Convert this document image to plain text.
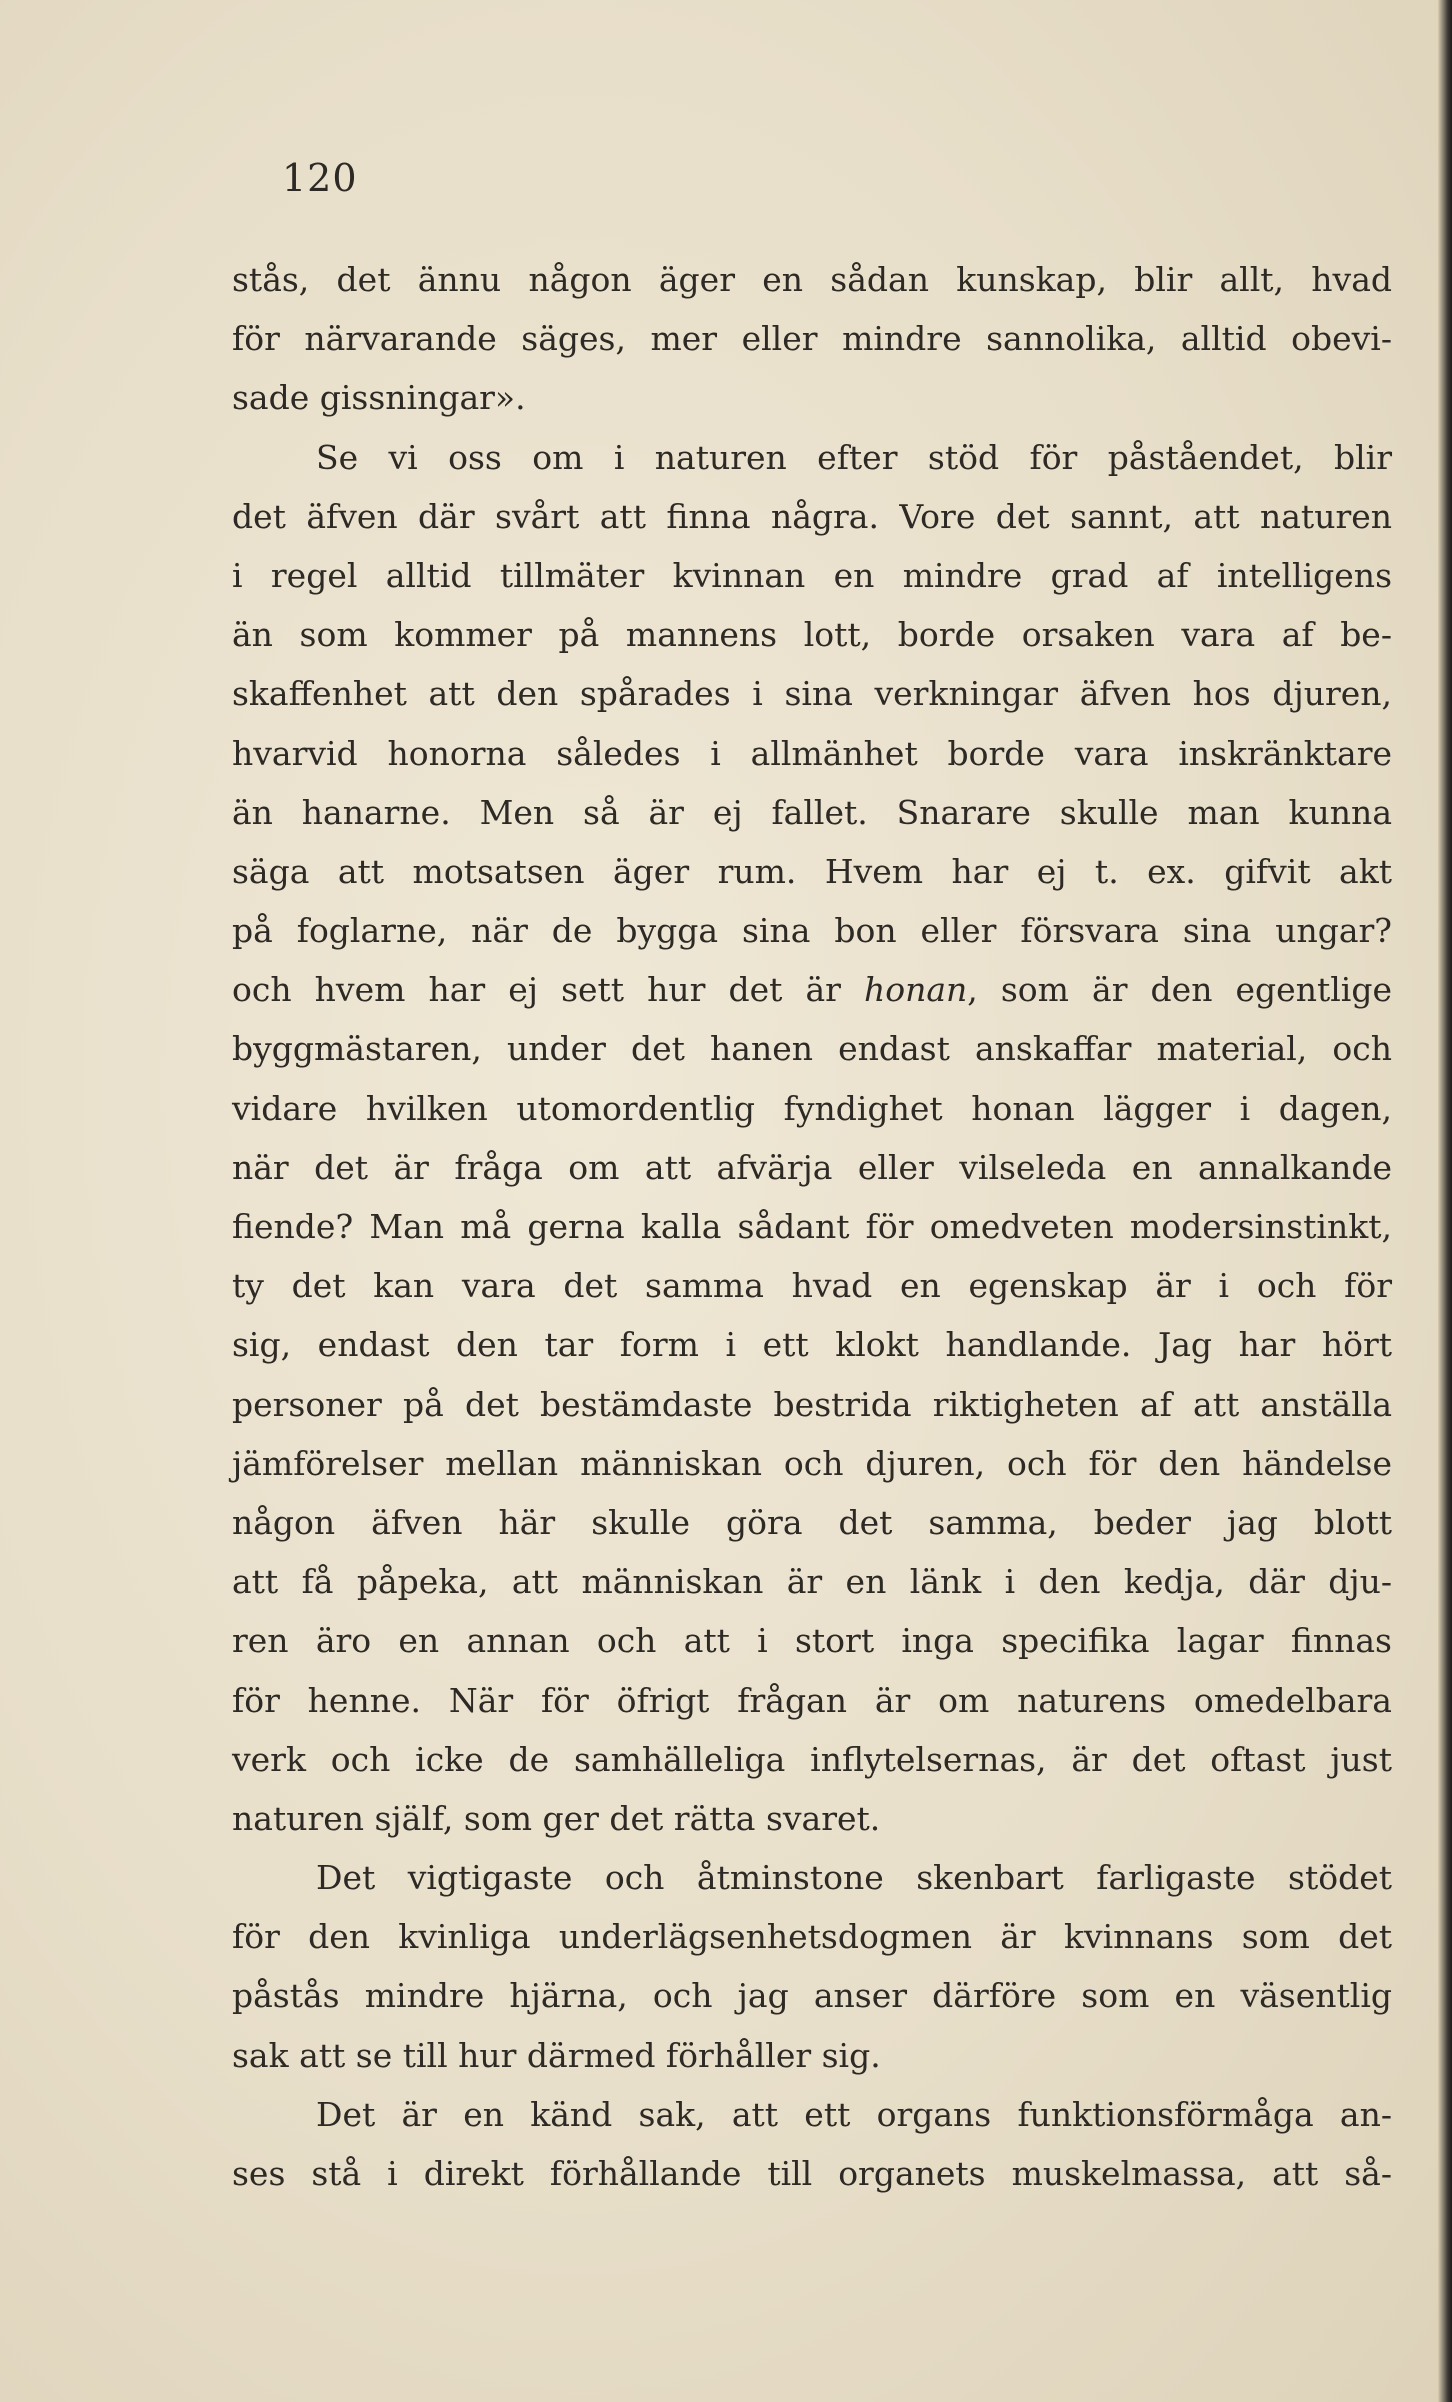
120
stås, det ännu någon äger en sådan kunskap, blir allt, hvad
för närvarande säges, mer eller mindre sannolika, alltid obevi-
sade gissningar».
Se vi oss om i naturen efter stöd för påståendet, blir
det äfven där svårt att finna några. Vore det sannt, att naturen
i regel alltid tillmäter kvinnan en mindre grad af intelligens
än som kommer på mannens lott, borde orsaken vara af be-
skaffenhet att den spårades i sina verkningar äfven hos djuren,
hvarvid honorna således i allmänhet borde vara inskränktare
än hanarne. Men så är ej fallet. Snarare skulle man kunna
säga att motsatsen äger rum. Hvem har ej t. ex. gifvit akt
på foglarne, när de bygga sina bon eller försvara sina ungar?
och hvem har ej sett hur det är honan, som är den egentlige
byggmästaren, under det hanen endast anskaffar material, och
vidare hvilken utomordentlig fyndighet honan lägger i dagen,
när det är fråga om att afvärja eller vilseleda en annalkande
fiende? Man må gerna kalla sådant för omedveten modersinstinkt,
ty det kan vara det samma hvad en egenskap är i och för
sig, endast den tar form i ett klokt handlande. Jag har hört
personer på det bestämdaste bestrida riktigheten af att anställa
jämförelser mellan människan och djuren, och för den händelse
någon äfven här skulle göra det samma, beder jag blott
att få påpeka, att människan är en länk i den kedja, där dju-
ren äro en annan och att i stort inga specifika lagar finnas
för henne. När för öfrigt frågan är om naturens omedelbara
verk och icke de samhälleliga inflytelsernas, är det oftast just
naturen själf, som ger det rätta svaret.
Det vigtigaste och åtminstone skenbart farligaste stödet
för den kvinliga underlägsenhetsdogmen är kvinnans som det
påstås mindre hjärna, och jag anser därföre som en väsentlig
sak att se till hur därmed förhåller sig.
Det är en känd sak, att ett organs funktionsförmåga an-
ses stå i direkt förhållande till organets muskelmassa, att så-
